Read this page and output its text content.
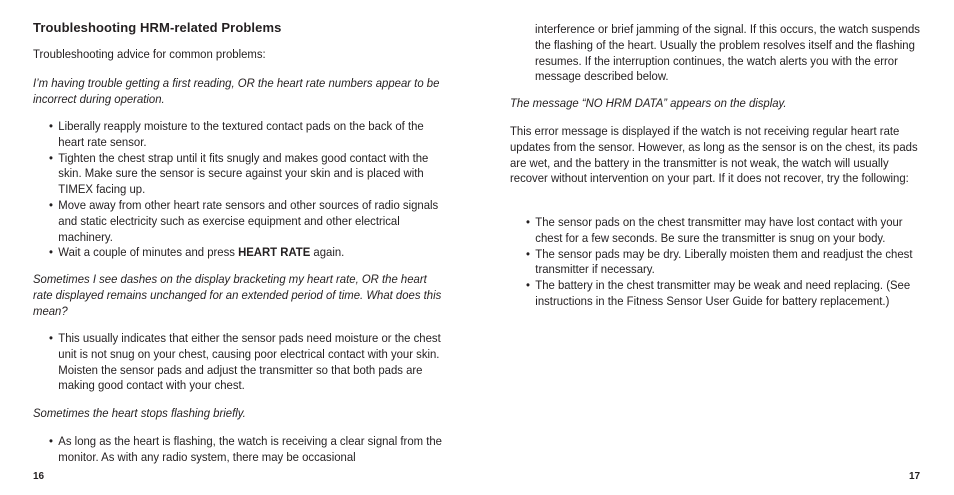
Troubleshooting HRM-related Problems
Troubleshooting advice for common problems:
I’m having trouble getting a first reading, OR the heart rate numbers appear to be incorrect during operation.
• Liberally reapply moisture to the textured contact pads on the back of the heart rate sensor.
• Tighten the chest strap until it fits snugly and makes good contact with the skin. Make sure the sensor is secure against your skin and is placed with TIMEX facing up.
• Move away from other heart rate sensors and other sources of radio signals and static electricity such as exercise equipment and other electrical machinery.
• Wait a couple of minutes and press HEART RATE again.
Sometimes I see dashes on the display bracketing my heart rate, OR the heart rate displayed remains unchanged for an extended period of time. What does this mean?
• This usually indicates that either the sensor pads need moisture or the chest unit is not snug on your chest, causing poor electrical contact with your skin. Moisten the sensor pads and adjust the transmitter so that both pads are making good contact with your chest.
Sometimes the heart stops flashing briefly.
• As long as the heart is flashing, the watch is receiving a clear signal from the monitor. As with any radio system, there may be occasional
16
interference or brief jamming of the signal. If this occurs, the watch suspends the flashing of the heart. Usually the problem resolves itself and the flashing resumes. If the interruption continues, the watch alerts you with the error message described below.
The message “NO HRM DATA” appears on the display.
This error message is displayed if the watch is not receiving regular heart rate updates from the sensor. However, as long as the sensor is on the chest, its pads are wet, and the battery in the transmitter is not weak, the watch will usually recover without intervention on your part. If it does not recover, try the following:
• The sensor pads on the chest transmitter may have lost contact with your chest for a few seconds. Be sure the transmitter is snug on your body.
• The sensor pads may be dry. Liberally moisten them and readjust the chest transmitter if necessary.
• The battery in the chest transmitter may be weak and need replacing. (See instructions in the Fitness Sensor User Guide for battery replacement.)
17
